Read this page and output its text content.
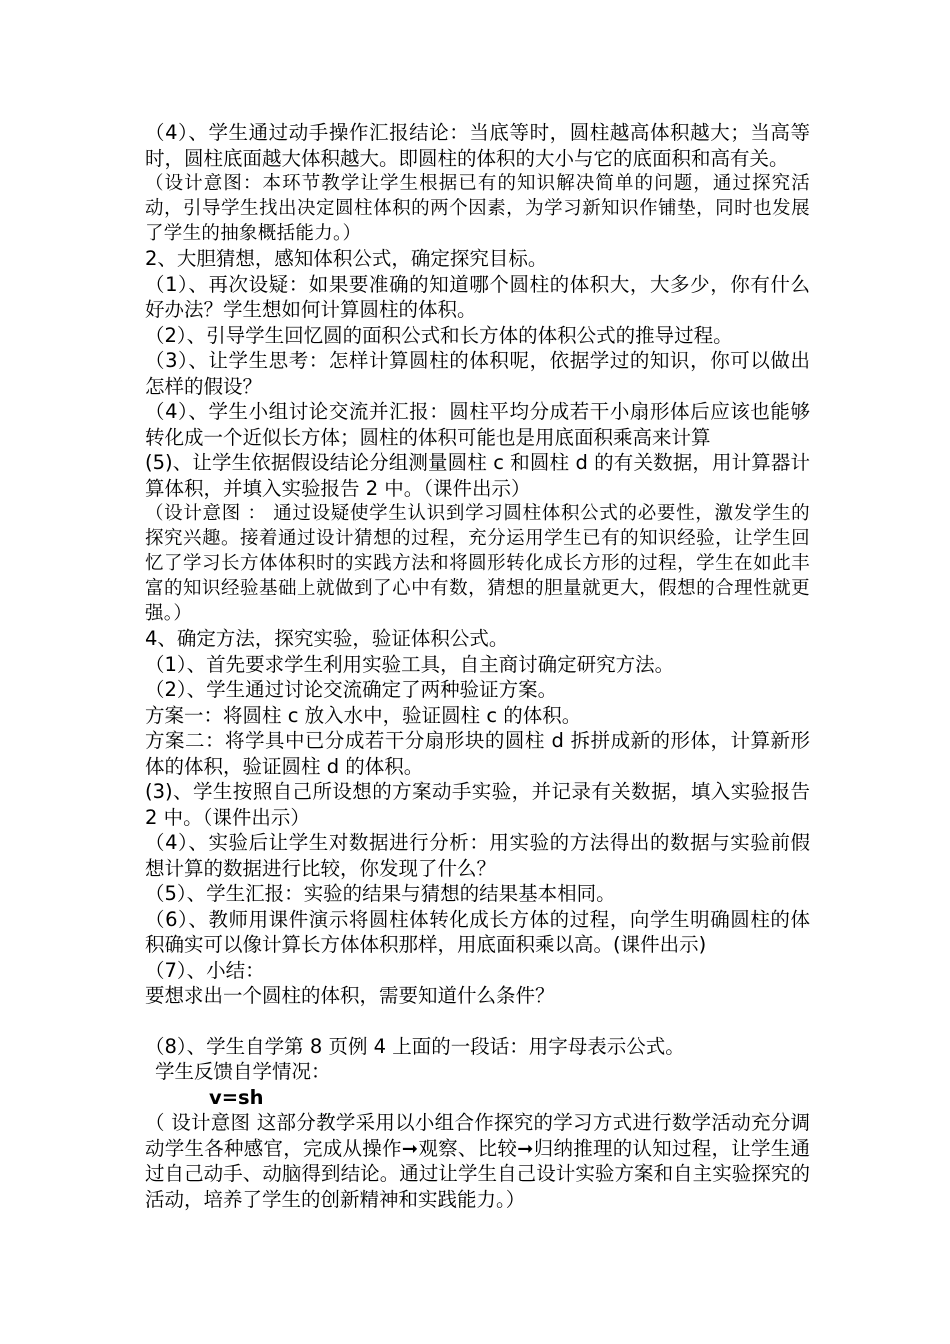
（4）、学生通过动手操作汇报结论：当底等时，圆柱越高体积越大；当高等时，圆柱底面越大体积越大。即圆柱的体积的大小与它的底面积和高有关。

（设计意图：本环节教学让学生根据已有的知识解决简单的问题，通过探究活动，引导学生找出决定圆柱体积的两个因素，为学习新知识作铺垫，同时也发展了学生的抽象概括能力。）

2、大胆猜想，感知体积公式，确定探究目标。

（1）、再次设疑：如果要准确的知道哪个圆柱的体积大，大多少，你有什么好办法？学生想如何计算圆柱的体积。

（2）、引导学生回忆圆的面积公式和长方体的体积公式的推导过程。

（3）、让学生思考：怎样计算圆柱的体积呢，依据学过的知识，你可以做出怎样的假设？

（4）、学生小组讨论交流并汇报：圆柱平均分成若干小扇形体后应该也能够转化成一个近似长方体；圆柱的体积可能也是用底面积乘高来计算

(5)、让学生依据假设结论分组测量圆柱 c 和圆柱 d 的有关数据，用计算器计算体积，并填入实验报告 2 中。（课件出示）

（设计意图 ： 通过设疑使学生认识到学习圆柱体积公式的必要性，激发学生的探究兴趣。接着通过设计猜想的过程，充分运用学生已有的知识经验，让学生回忆了学习长方体体积时的实践方法和将圆形转化成长方形的过程，学生在如此丰富的知识经验基础上就做到了心中有数，猜想的胆量就更大，假想的合理性就更强。）

4、确定方法，探究实验，验证体积公式。

（1）、首先要求学生利用实验工具，自主商讨确定研究方法。

（2）、学生通过讨论交流确定了两种验证方案。

方案一：将圆柱 c 放入水中，验证圆柱 c 的体积。

方案二：将学具中已分成若干分扇形块的圆柱 d 拆拼成新的形体，计算新形体的体积，验证圆柱 d 的体积。

(3)、学生按照自己所设想的方案动手实验，并记录有关数据，填入实验报告 2 中。（课件出示）

（4）、实验后让学生对数据进行分析：用实验的方法得出的数据与实验前假想计算的数据进行比较，你发现了什么？

（5）、学生汇报：实验的结果与猜想的结果基本相同。

（6）、教师用课件演示将圆柱体转化成长方体的过程，向学生明确圆柱的体积确实可以像计算长方体体积那样，用底面积乘以高。(课件出示)

（7）、小结：

要想求出一个圆柱的体积，需要知道什么条件？

（8）、学生自学第 8 页例 4 上面的一段话：用字母表示公式。

学生反馈自学情况：

v=sh

（ 设计意图 这部分教学采用以小组合作探究的学习方式进行数学活动充分调动学生各种感官，完成从操作➞观察、比较➞归纳推理的认知过程，让学生通过自己动手、动脑得到结论。通过让学生自己设计实验方案和自主实验探究的活动，培养了学生的创新精神和实践能力。）
